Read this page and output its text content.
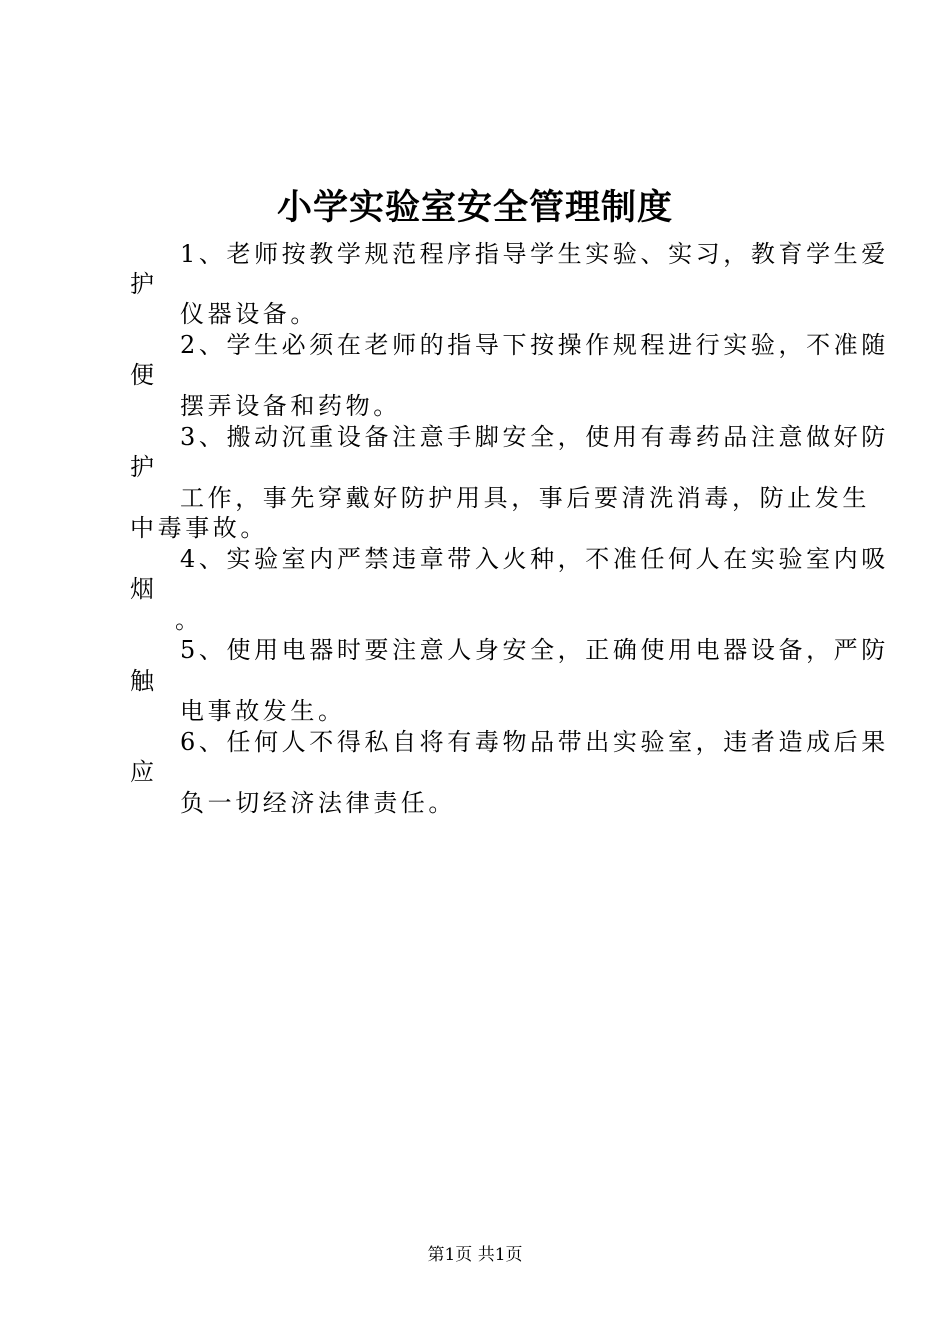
小学实验室安全管理制度
1、老师按教学规范程序指导学生实验、实习，教育学生爱
护
仪器设备。
2、学生必须在老师的指导下按操作规程进行实验，不准随
便
摆弄设备和药物。
3、搬动沉重设备注意手脚安全，使用有毒药品注意做好防
护
工作，事先穿戴好防护用具，事后要清洗消毒，防止发生
中毒事故。
4、实验室内严禁违章带入火种，不准任何人在实验室内吸
烟
。
5、使用电器时要注意人身安全，正确使用电器设备，严防
触
电事故发生。
6、任何人不得私自将有毒物品带出实验室，违者造成后果
应
负一切经济法律责任。
第1页 共1页
